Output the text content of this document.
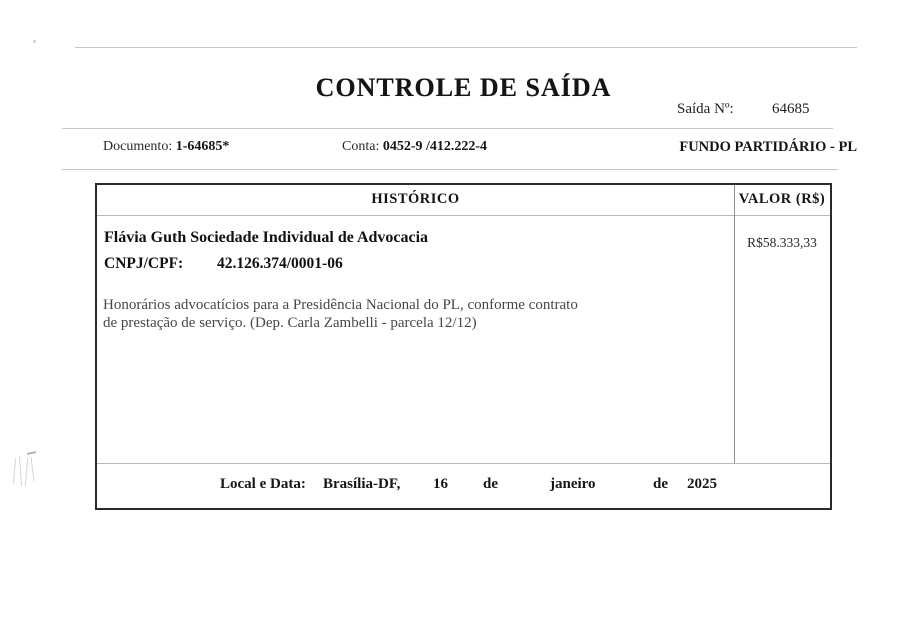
CONTROLE DE SAÍDA
Saída Nº:	64685
Documento: 1-64685*	Conta: 0452-9 /412.222-4	FUNDO PARTIDÁRIO - PL
HISTÓRICO	VALOR (R$)
Flávia Guth Sociedade Individual de Advocacia
CNPJ/CPF: 42.126.374/0001-06
Honorários advocatícios para a Presidência Nacional do PL, conforme contrato
de prestação de serviço. (Dep. Carla Zambelli - parcela 12/12)
R$58.333,33
Local e Data: Brasília-DF, 16 de	janeiro	de 2025
